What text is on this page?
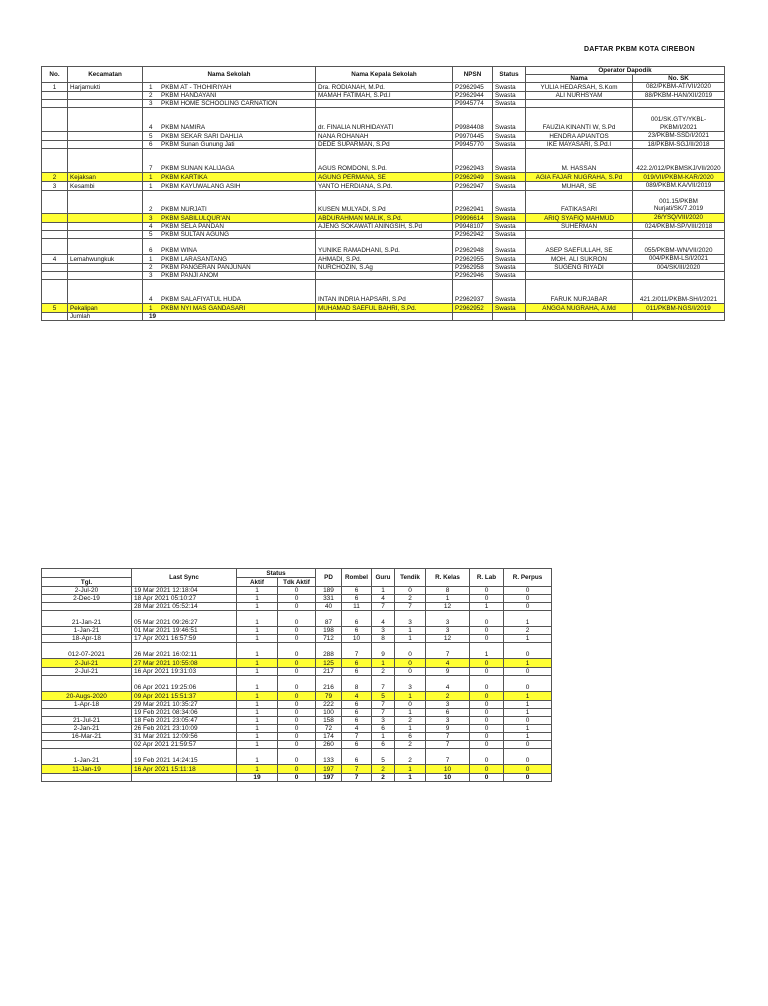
DAFTAR PKBM KOTA CIREBON
No.	Kecamatan	Nama Sekolah	Nama Kepala Sekolah	NPSN	Status	Operator Dapodik	
						Nama	No. SK
1	Harjamukti	1 PKBM AT - THOHIRIYAH	Dra. RODIANAH, M.Pd.	P2962945	Swasta	YULIA HEDARSAH, S.Kom	082/PKBM-AT/VII/2020
		2 PKBM HANDAYANI	MAMAH FATIMAH, S.Pd.I	P2962944	Swasta	ALI NURHSYAM	88/PKBM-HAN/XII/2019
		3 PKBM HOME SCHOOLING CARNATION		P9945774	Swasta		
		4 PKBM NAMIRA	dr. FINALIA NURHIDAYATI	P9984408	Swasta	FAUZIA KINANTI W, S.Pd	001/SK.GTY/YKBL-PKBM/I/2021
		5 PKBM SEKAR SARI DAHLIA	NANA ROHANAH	P9970445	Swasta	HENDRA APIANTOS	23/PKBM-SSD/I/2021
		6 PKBM Sunan Gunung Jati	DEDE SUPARMAN, S.Pd	P9945770	Swasta	IKE MAYASARI, S.Pd.I	18/PKBM-SGJ/II/2018
		7 PKBM SUNAN KALIJAGA	AGUS ROMDONI, S.Pd.	P2962943	Swasta	M. HASSAN	422.2/012/PKBMSKJ/VII/2020
2	Kejaksan	1 PKBM KARTIKA	AGUNG PERMANA, SE	P2962949	Swasta	AGIA FAJAR NUGRAHA, S.Pd	019/VII/PKBM-KAR/2020
3	Kesambi	1 PKBM KAYUWALANG ASIH	YANTO HERDIANA, S.Pd.	P2962947	Swasta	MUHAR, SE	089/PKBM.KA/VII/2019
		2 PKBM NURJATI	KUSEN MULYADI, S.Pd	P2962941	Swasta	FATIKASARI	001.15/PKBM Nurjati/SK/7.2019
		3 PKBM SABILULQUR'AN	ABDURAHMAN MALIK, S.Pd.	P9996614	Swasta	ARIQ SYAFIQ MAHMUD	26/YSQ/VIII/2020
		4 PKBM SELA PANDAN	AJENG SOKAWATI ANINGSIH, S.Pd	P9948107	Swasta	SUHERMAN	024/PKBM-SP/VIII/2018
		5 PKBM SULTAN AGUNG		P2962942	Swasta		
		6 PKBM WINA	YUNIKE RAMADHANI, S.Pd.	P2962948	Swasta	ASEP SAEFULLAH, SE	055/PKBM-WN/VII/2020
4	Lemahwungkuk	1 PKBM LARASANTANG	AHMADI, S.Pd.	P2962955	Swasta	MOH. ALI SUKRON	004/PKBM-LS/I/2021
		2 PKBM PANGERAN PANJUNAN	NURCHOZIN, S.Ag	P2962958	Swasta	SUGENG RIYADI	004/SK/III/2020
		3 PKBM PANJI ANOM		P2962946	Swasta		
		4 PKBM SALAFIYATUL HUDA	INTAN INDRIA HAPSARI, S.Pd	P2962937	Swasta	FARUK NURJABAR	421.2/011/PKBM-SH/I/2021
5	Pekalipan	1 PKBM NYI MAS GANDASARI	MUHAMAD SAEFUL BAHRI, S.Pd.	P2962952	Swasta	ANGGA NUGRAHA, A.Md	011/PKBM-NGS/I/2019
	Jumlah	19					
	Last Sync	Status		PD	Rombel	Guru	Tendik	R. Kelas	R. Lab	R. Perpus
Tgl.		Aktif	Tdk Aktif							
2-Jul-20	19 Mar 2021 12:18:04	1	0	189	6	1	0	8	0	0
2-Dec-19	18 Apr 2021 05:10:27	1	0	331	6	4	2	1	0	0
	28 Mar 2021 05:52:14	1	0	40	11	7	7	12	1	0
21-Jan-21	05 Mar 2021 09:26:27	1	0	87	6	4	3	3	0	1
1-Jan-21	01 Mar 2021 19:46:51	1	0	198	6	3	1	3	0	2
18-Apr-18	17 Apr 2021 16:57:59	1	0	712	10	8	1	12	0	1
012-07-2021	26 Mar 2021 16:02:11	1	0	288	7	9	0	7	1	0
2-Jul-21	27 Mar 2021 10:55:08	1	0	125	6	1	0	4	0	1
2-Jul-21	16 Apr 2021 19:31:03	1	0	217	6	2	0	9	0	0
	06 Apr 2021 19:25:06	1	0	216	8	7	3	4	0	0
20-Augs-2020	09 Apr 2021 15:51:37	1	0	79	4	5	1	2	0	1
1-Apr-18	29 Mar 2021 10:35:27	1	0	222	6	7	0	3	0	1
	19 Feb 2021 08:34:06	1	0	100	6	7	1	6	0	1
21-Jul-21	18 Feb 2021 23:05:47	1	0	158	6	3	2	3	0	0
2-Jan-21	26 Feb 2021 23:10:09	1	0	72	4	6	1	9	0	1
16-Mar-21	31 Mar 2021 12:09:56	1	0	174	7	1	6	7	0	1
	02 Apr 2021 21:59:57	1	0	260	6	6	2	7	0	0
1-Jan-21	19 Feb 2021 14:24:15	1	0	133	6	5	2	7	0	0
11-Jan-19	16 Apr 2021 15:11:18	1	0	197	7	2	1	10	0	0
		19	0	197	7	2	1	10	0	0
